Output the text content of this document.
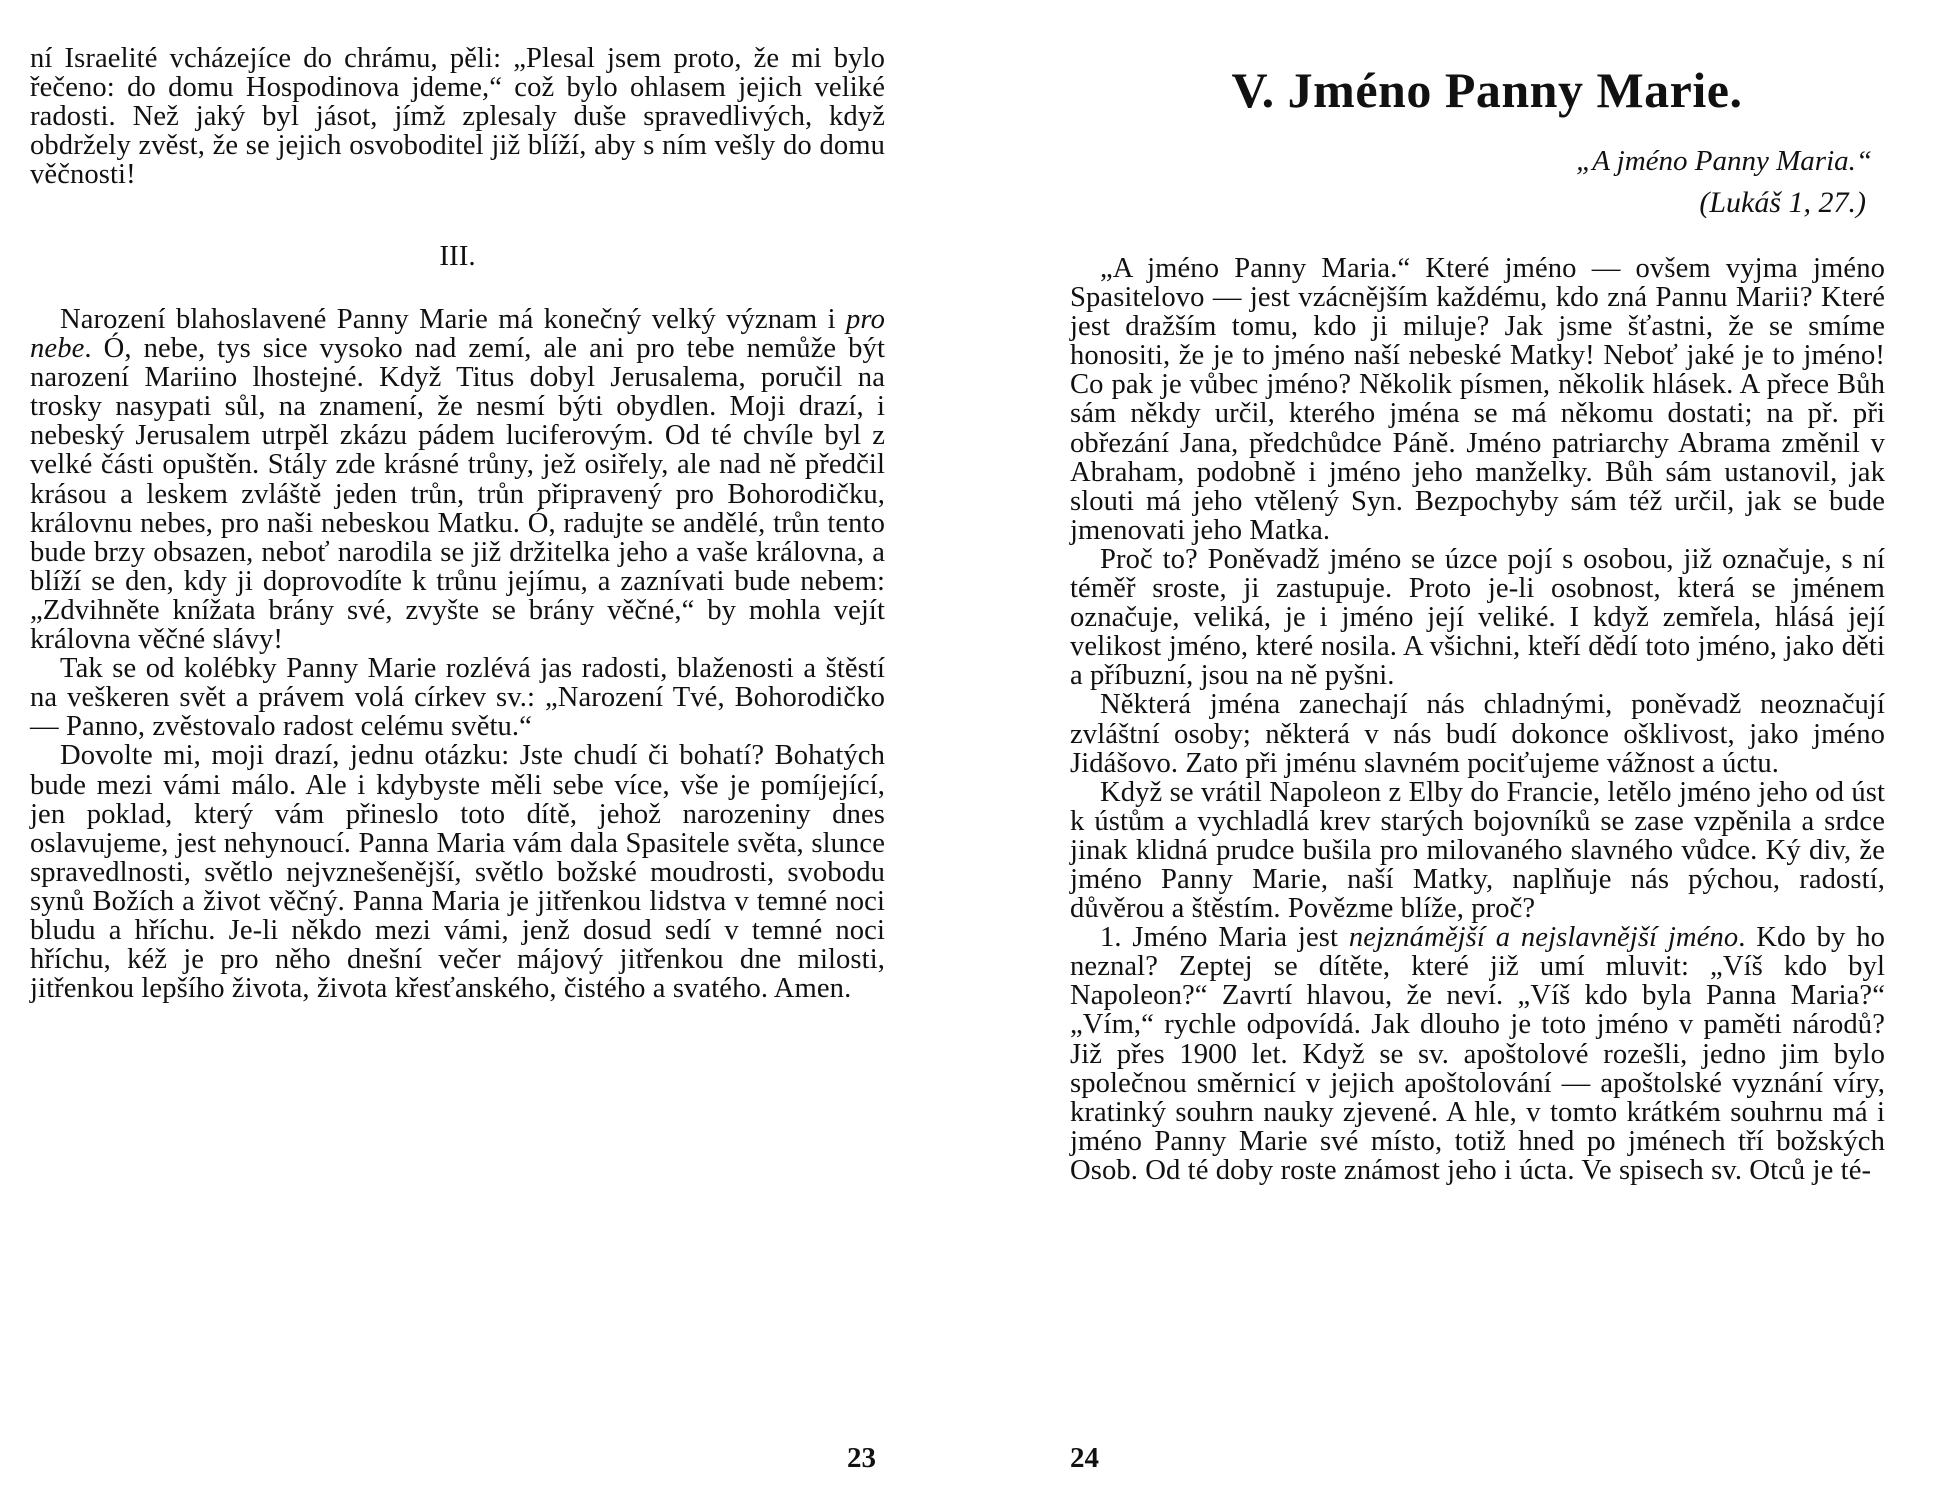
ní Israelité vcházejíce do chrámu, pěli: „Plesal jsem proto, že mi bylo řečeno: do domu Hospodinova jdeme,“ což bylo ohlasem jejich veliké radosti. Než jaký byl jásot, jímž zplesaly duše spravedlivých, když obdržely zvěst, že se jejich osvoboditel již blíží, aby s ním vešly do domu věčnosti!

III.

Narození blahoslavené Panny Marie má konečný velký význam i pro nebe. Ó, nebe, tys sice vysoko nad zemí, ale ani pro tebe nemůže být narození Mariino lhostejné. Když Titus dobyl Jerusalema, poručil na trosky nasypati sůl, na znamení, že nesmí býti obydlen. Moji drazí, i nebeský Jerusalem utrpěl zkázu pádem luciferovým. Od té chvíle byl z velké části opuštěn. Stály zde krásné trůny, jež osiřely, ale nad ně předčil krásou a leskem zvláště jeden trůn, trůn připravený pro Bohorodičku, královnu nebes, pro naši nebeskou Matku. Ó, radujte se andělé, trůn tento bude brzy obsazen, neboť narodila se již držitelka jeho a vaše královna, a blíží se den, kdy ji doprovodíte k trůnu jejímu, a zaznívati bude nebem: „Zdvihněte knížata brány své, zvyšte se brány věčné,“ by mohla vejít královna věčné slávy!

Tak se od kolébky Panny Marie rozlévá jas radosti, blaženosti a štěstí na veškeren svět a právem volá církev sv.: „Narození Tvé, Bohorodičko — Panno, zvěstovalo radost celému světu.“

Dovolte mi, moji drazí, jednu otázku: Jste chudí či bohatí? Bohatých bude mezi vámi málo. Ale i kdybyste měli sebe více, vše je pomíjející, jen poklad, který vám přineslo toto dítě, jehož narozeniny dnes oslavujeme, jest nehynoucí. Panna Maria vám dala Spasitele světa, slunce spravedlnosti, světlo nejvznešenější, světlo božské moudrosti, svobodu synů Božích a život věčný. Panna Maria je jitřenkou lidstva v temné noci bludu a hříchu. Je-li někdo mezi vámi, jenž dosud sedí v temné noci hříchu, kéž je pro něho dnešní večer májový jitřenkou dne milosti, jitřenkou lepšího života, života křesťanského, čistého a svatého. Amen.

23
V. Jméno Panny Marie.
„A jméno Panny Maria.“
(Lukáš 1, 27.)

„A jméno Panny Maria.“ Které jméno — ovšem vyjma jméno Spasitelovo — jest vzácnějším každému, kdo zná Pannu Marii? Které jest dražším tomu, kdo ji miluje? Jak jsme šťastni, že se smíme honositi, že je to jméno naší nebeské Matky! Neboť jaké je to jméno! Co pak je vůbec jméno? Několik písmen, několik hlásek. A přece Bůh sám někdy určil, kterého jména se má někomu dostati; na př. při obřezání Jana, předchůdce Páně. Jméno patriarchy Abrama změnil v Abraham, podobně i jméno jeho manželky. Bůh sám ustanovil, jak slouti má jeho vtělený Syn. Bezpochyby sám též určil, jak se bude jmenovati jeho Matka.

Proč to? Poněvadž jméno se úzce pojí s osobou, již označuje, s ní téměř sroste, ji zastupuje. Proto je-li osobnost, která se jménem označuje, veliká, je i jméno její veliké. I když zemřela, hlásá její velikost jméno, které nosila. A všichni, kteří dědí toto jméno, jako děti a příbuzní, jsou na ně pyšni.

Některá jména zanechají nás chladnými, poněvadž neoznačují zvláštní osoby; některá v nás budí dokonce ošklivost, jako jméno Jidášovo. Zato při jménu slavném pociťujeme vážnost a úctu.

Když se vrátil Napoleon z Elby do Francie, letělo jméno jeho od úst k ústům a vychladlá krev starých bojovníků se zase vzpěnila a srdce jinak klidná prudce bušila pro milovaného slavného vůdce. Ký div, že jméno Panny Marie, naší Matky, naplňuje nás pýchou, radostí, důvěrou a štěstím. Povězme blíže, proč?

1. Jméno Maria jest nejznámější a nejslavnější jméno. Kdo by ho neznal? Zeptej se dítěte, které již umí mluvit: „Víš kdo byl Napoleon?“ Zavrtí hlavou, že neví. „Víš kdo byla Panna Maria?“ „Vím,“ rychle odpovídá. Jak dlouho je toto jméno v paměti národů? Již přes 1900 let. Když se sv. apoštolové rozešli, jedno jim bylo společnou směrnicí v jejich apoštolování — apoštolské vyznání víry, kratinký souhrn nauky zjevené. A hle, v tomto krátkém souhrnu má i jméno Panny Marie své místo, totiž hned po jménech tří božských Osob. Od té doby roste známost jeho i úcta. Ve spisech sv. Otců je té-

24
